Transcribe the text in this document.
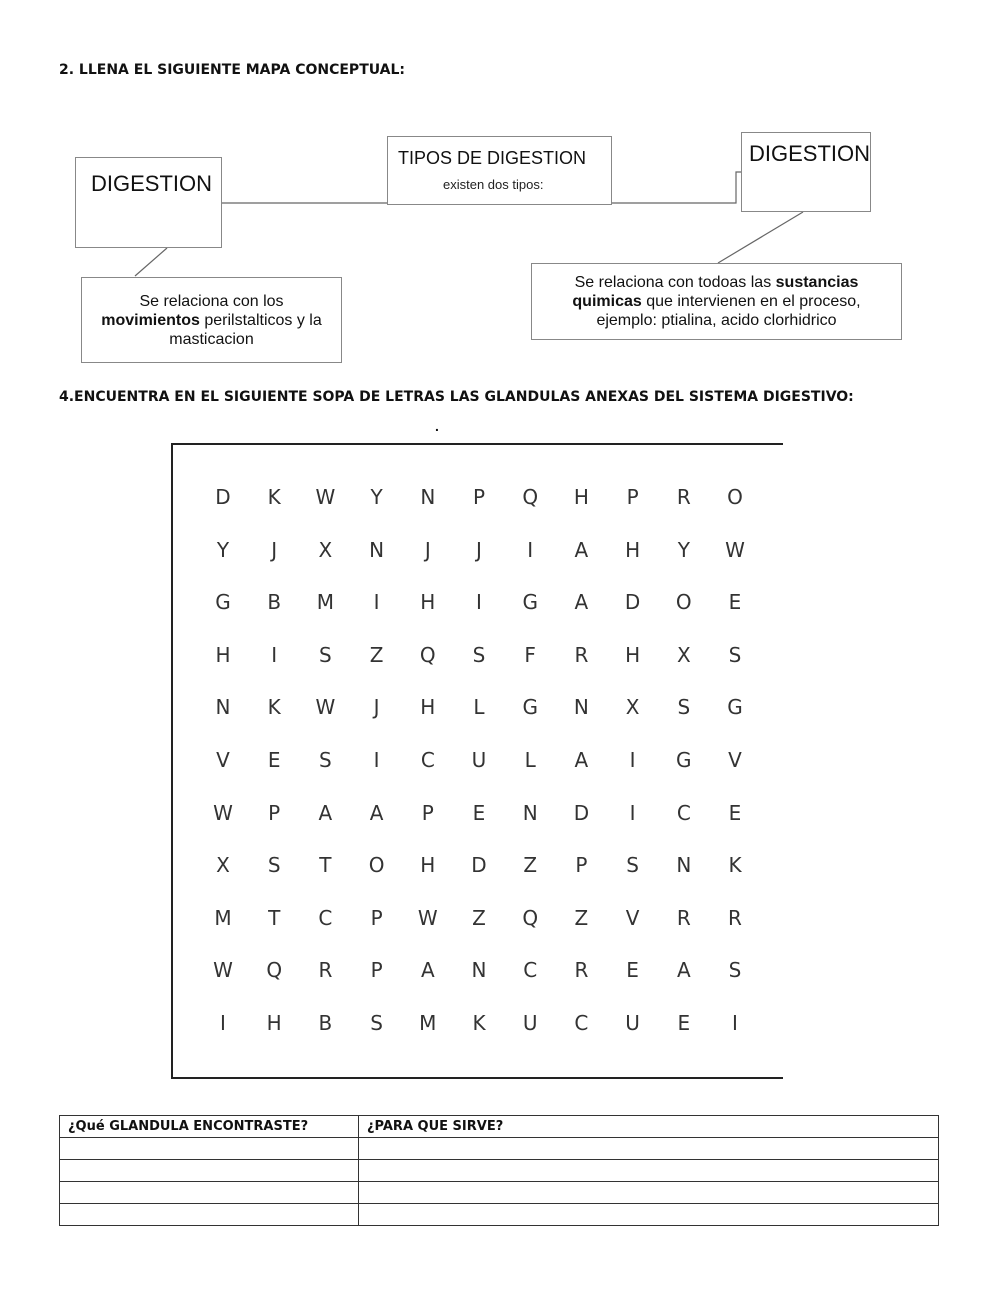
2. LLENA EL SIGUIENTE MAPA CONCEPTUAL:
DIGESTION
TIPOS DE DIGESTION
existen dos tipos:
DIGESTION
Se relaciona con los
movimientos perilstalticos y la
masticacion
Se relaciona con todoas las sustancias
quimicas que intervienen en el proceso,
ejemplo: ptialina, acido clorhidrico
4.ENCUENTRA EN EL SIGUIENTE SOPA DE LETRAS LAS GLANDULAS ANEXAS DEL SISTEMA DIGESTIVO:
.
D	K	W	Y	N	P	Q	H	P	R	O
Y	J	X	N	J	J	I	A	H	Y	W
G	B	M	I	H	I	G	A	D	O	E
H	I	S	Z	Q	S	F	R	H	X	S
N	K	W	J	H	L	G	N	X	S	G
V	E	S	I	C	U	L	A	I	G	V
W	P	A	A	P	E	N	D	I	C	E
X	S	T	O	H	D	Z	P	S	N	K
M	T	C	P	W	Z	Q	Z	V	R	R
W	Q	R	P	A	N	C	R	E	A	S
I	H	B	S	M	K	U	C	U	E	I
¿Qué GLANDULA ENCONTRASTE?	¿PARA QUE SIRVE?
